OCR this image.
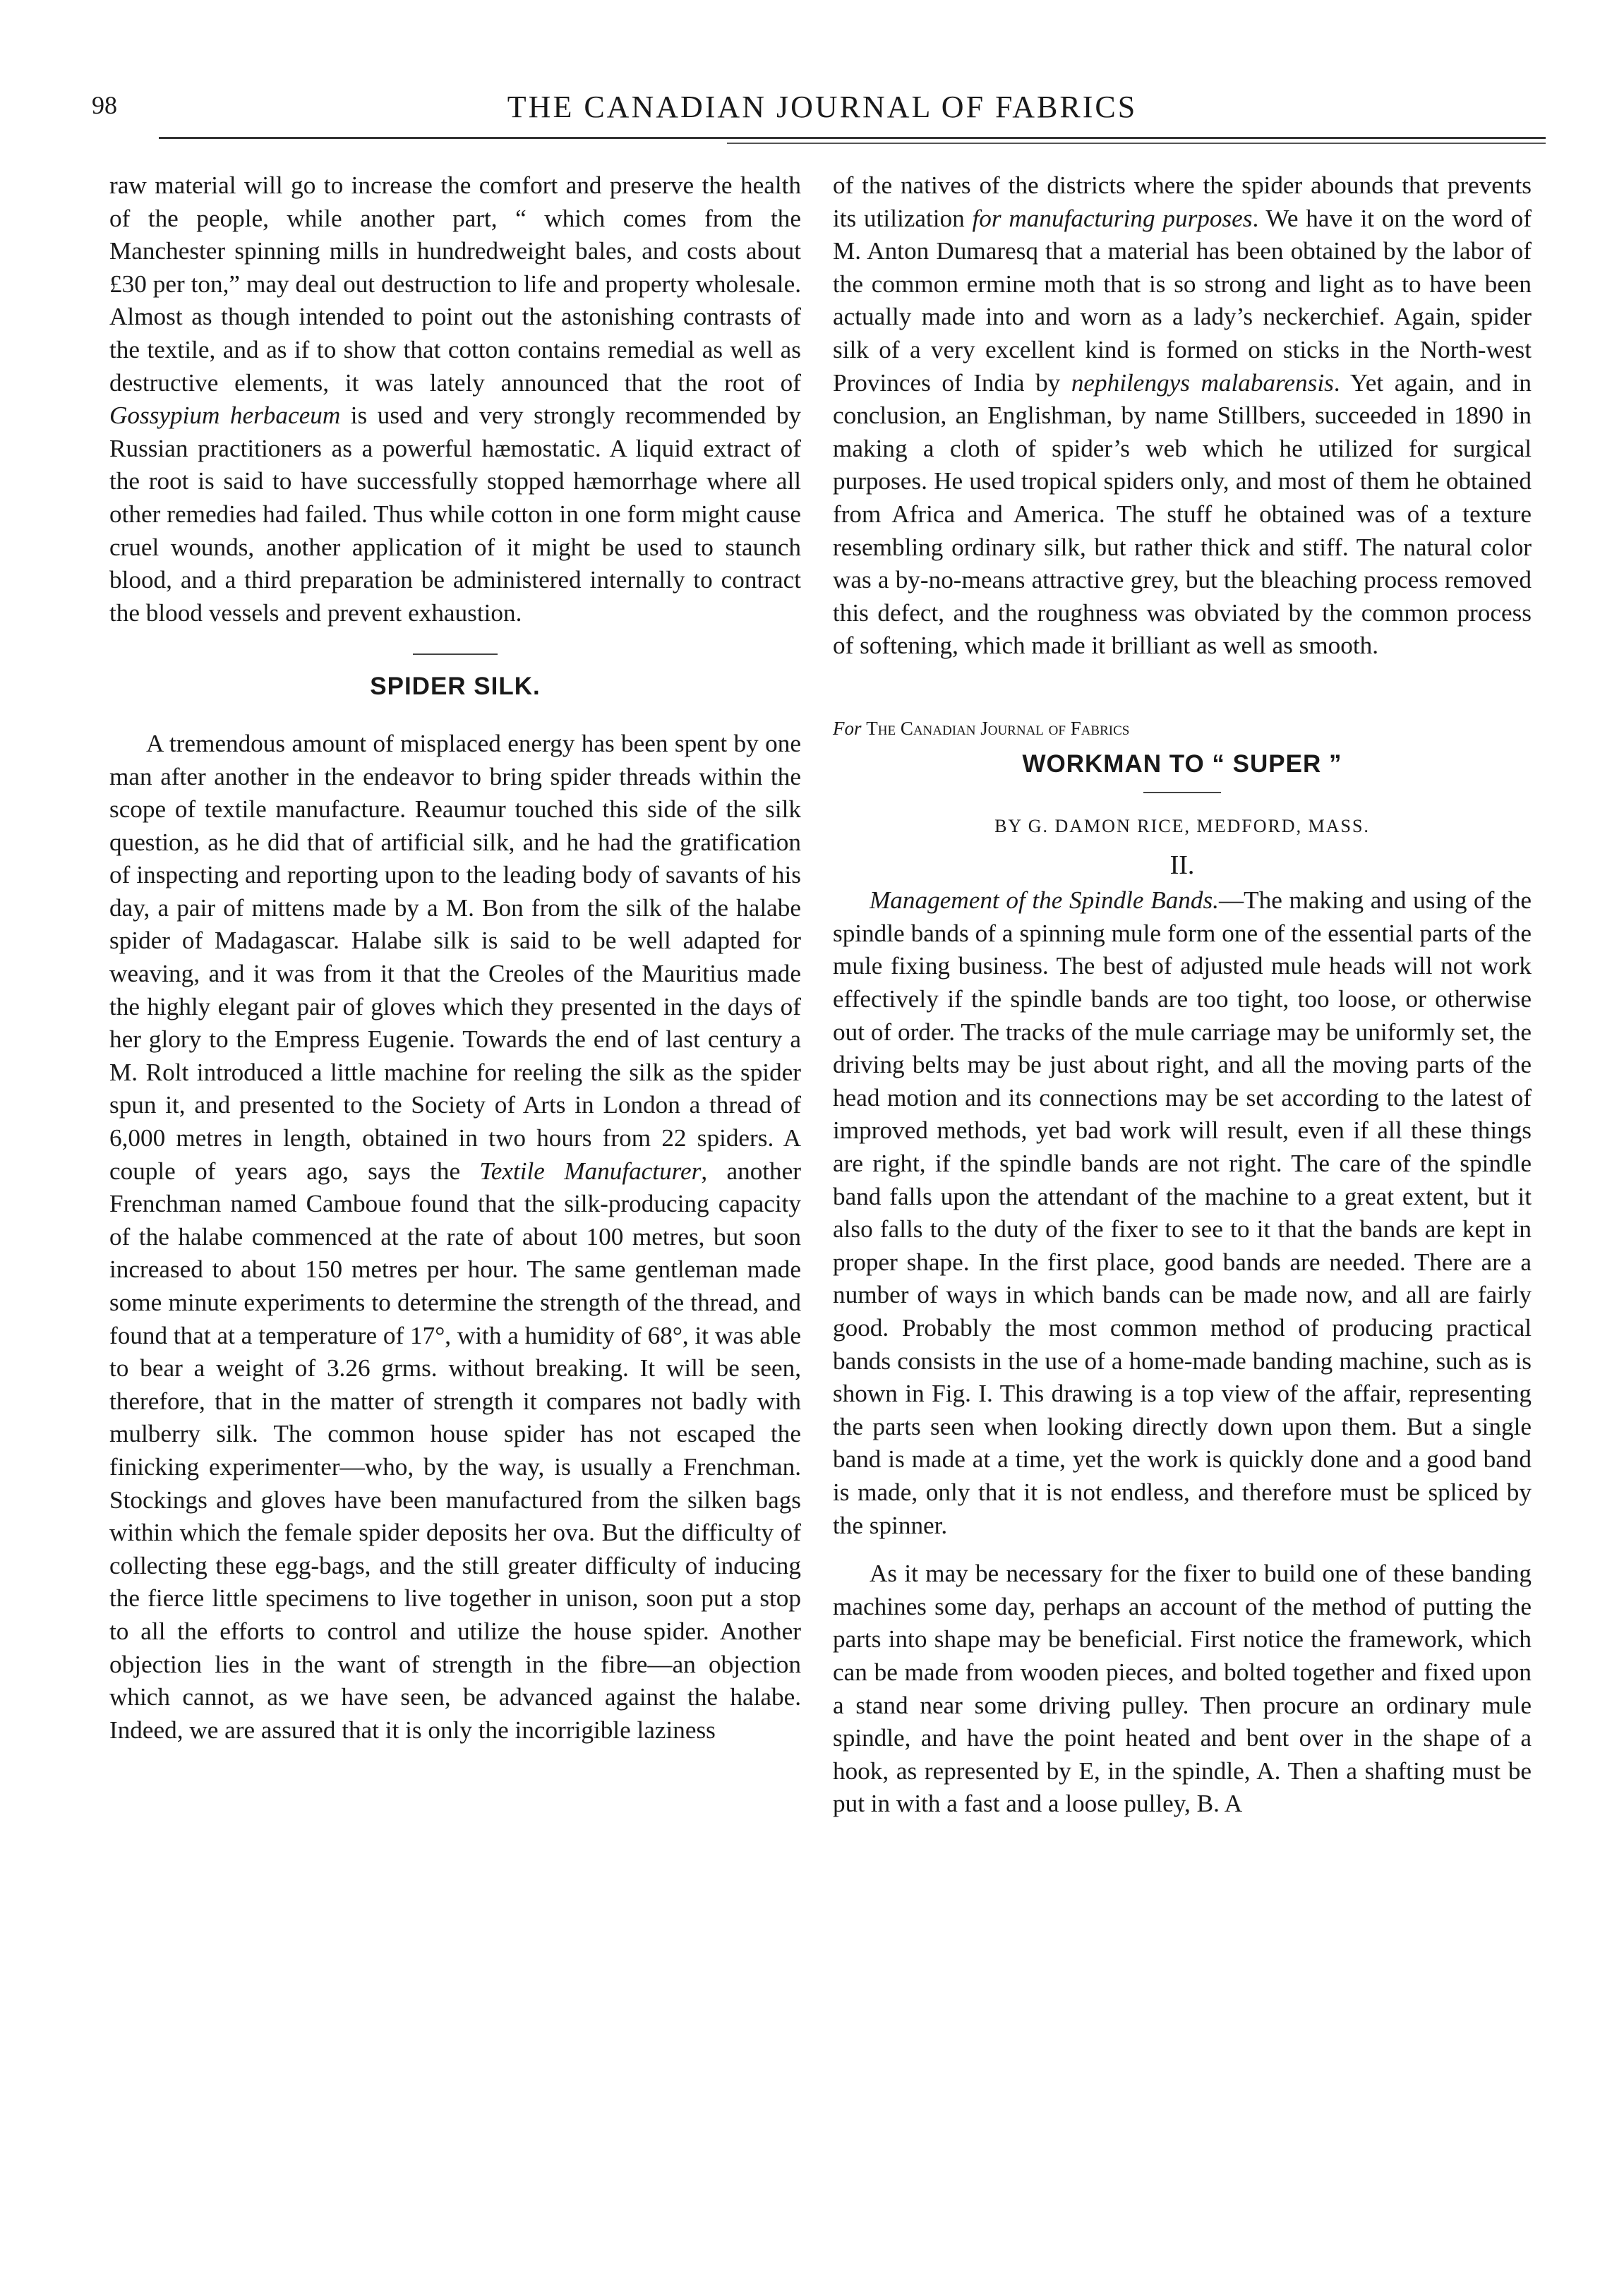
98	THE CANADIAN JOURNAL OF FABRICS

raw material will go to increase the comfort and preserve the health of the people, while another part, “ which comes from the Manchester spinning mills in hundredweight bales, and costs about £30 per ton,” may deal out destruction to life and property wholesale. Almost as though intended to point out the astonishing contrasts of the textile, and as if to show that cotton contains remedial as well as destructive elements, it was lately announced that the root of Gossypium herbaceum is used and very strongly recommended by Russian practitioners as a powerful hæmostatic. A liquid extract of the root is said to have successfully stopped hæmorrhage where all other remedies had failed. Thus while cotton in one form might cause cruel wounds, another application of it might be used to staunch blood, and a third preparation be administered internally to contract the blood vessels and prevent exhaustion.

SPIDER SILK.

A tremendous amount of misplaced energy has been spent by one man after another in the endeavor to bring spider threads within the scope of textile manufacture. Reaumur touched this side of the silk question, as he did that of artificial silk, and he had the gratification of inspecting and reporting upon to the leading body of savants of his day, a pair of mittens made by a M. Bon from the silk of the halabe spider of Madagascar. Halabe silk is said to be well adapted for weaving, and it was from it that the Creoles of the Mauritius made the highly elegant pair of gloves which they presented in the days of her glory to the Empress Eugenie. Towards the end of last century a M. Rolt introduced a little machine for reeling the silk as the spider spun it, and presented to the Society of Arts in London a thread of 6,000 metres in length, obtained in two hours from 22 spiders. A couple of years ago, says the Textile Manufacturer, another Frenchman named Camboue found that the silk-producing capacity of the halabe commenced at the rate of about 100 metres, but soon increased to about 150 metres per hour. The same gentleman made some minute experiments to determine the strength of the thread, and found that at a temperature of 17°, with a humidity of 68°, it was able to bear a weight of 3.26 grms. without breaking. It will be seen, therefore, that in the matter of strength it compares not badly with mulberry silk. The common house spider has not escaped the finicking experimenter—who, by the way, is usually a Frenchman. Stockings and gloves have been manufactured from the silken bags within which the female spider deposits her ova. But the difficulty of collecting these egg-bags, and the still greater difficulty of inducing the fierce little specimens to live together in unison, soon put a stop to all the efforts to control and utilize the house spider. Another objection lies in the want of strength in the fibre—an objection which cannot, as we have seen, be advanced against the halabe. Indeed, we are assured that it is only the incorrigible laziness

of the natives of the districts where the spider abounds that prevents its utilization for manufacturing purposes. We have it on the word of M. Anton Dumaresq that a material has been obtained by the labor of the common ermine moth that is so strong and light as to have been actually made into and worn as a lady’s neckerchief. Again, spider silk of a very excellent kind is formed on sticks in the North-west Provinces of India by nephilengys malabarensis. Yet again, and in conclusion, an Englishman, by name Stillbers, succeeded in 1890 in making a cloth of spider’s web which he utilized for surgical purposes. He used tropical spiders only, and most of them he obtained from Africa and America. The stuff he obtained was of a texture resembling ordinary silk, but rather thick and stiff. The natural color was a by-no-means attractive grey, but the bleaching process removed this defect, and the roughness was obviated by the common process of softening, which made it brilliant as well as smooth.

For The Canadian Journal of Fabrics
WORKMAN TO “ SUPER ”
BY G. DAMON RICE, MEDFORD, MASS.
II.

Management of the Spindle Bands.—The making and using of the spindle bands of a spinning mule form one of the essential parts of the mule fixing business. The best of adjusted mule heads will not work effectively if the spindle bands are too tight, too loose, or otherwise out of order. The tracks of the mule carriage may be uniformly set, the driving belts may be just about right, and all the moving parts of the head motion and its connections may be set according to the latest of improved methods, yet bad work will result, even if all these things are right, if the spindle bands are not right. The care of the spindle band falls upon the attendant of the machine to a great extent, but it also falls to the duty of the fixer to see to it that the bands are kept in proper shape. In the first place, good bands are needed. There are a number of ways in which bands can be made now, and all are fairly good. Probably the most common method of producing practical bands consists in the use of a home-made banding machine, such as is shown in Fig. I. This drawing is a top view of the affair, representing the parts seen when looking directly down upon them. But a single band is made at a time, yet the work is quickly done and a good band is made, only that it is not endless, and therefore must be spliced by the spinner.

As it may be necessary for the fixer to build one of these banding machines some day, perhaps an account of the method of putting the parts into shape may be beneficial. First notice the framework, which can be made from wooden pieces, and bolted together and fixed upon a stand near some driving pulley. Then procure an ordinary mule spindle, and have the point heated and bent over in the shape of a hook, as represented by E, in the spindle, A. Then a shafting must be put in with a fast and a loose pulley, B. A
